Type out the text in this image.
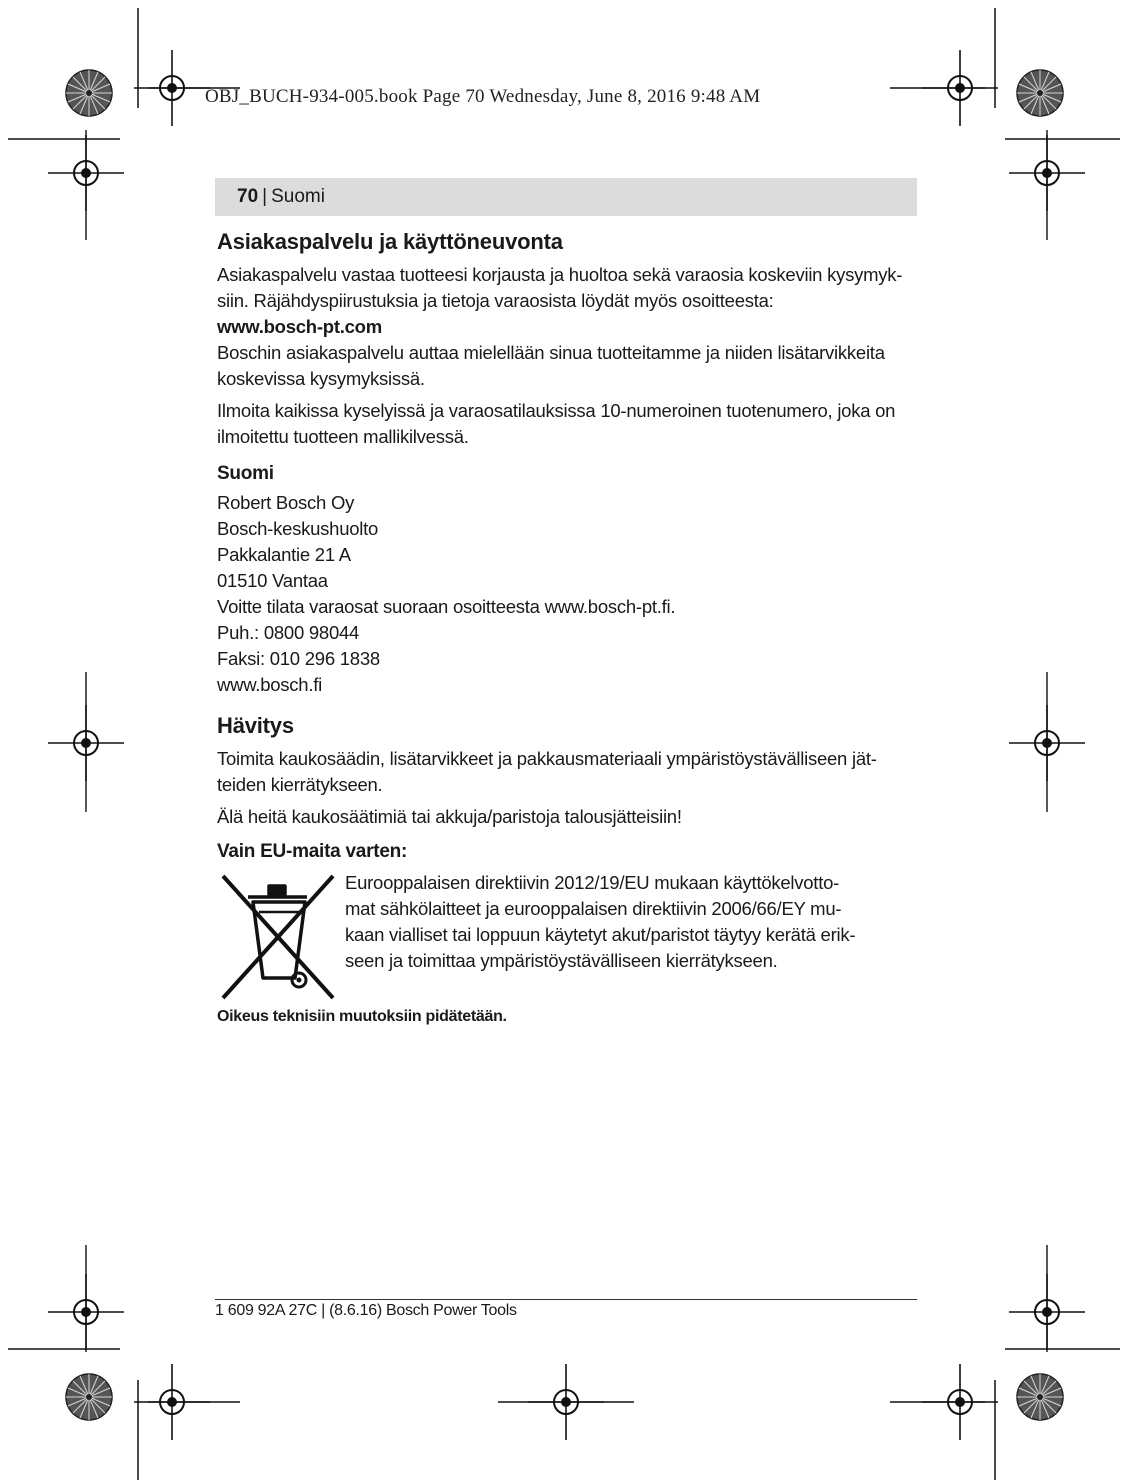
OBJ_BUCH-934-005.book Page 70 Wednesday, June 8, 2016 9:48 AM
70 | Suomi
Asiakaspalvelu ja käyttöneuvonta

Asiakaspalvelu vastaa tuotteesi korjausta ja huoltoa sekä varaosia koskeviin kysymyk-
siin. Räjähdyspiirustuksia ja tietoja varaosista löydät myös osoitteesta:
www.bosch-pt.com

Boschin asiakaspalvelu auttaa mielellään sinua tuotteitamme ja niiden lisätarvikkeita
koskevissa kysymyksissä.

Ilmoita kaikissa kyselyissä ja varaosatilauksissa 10-numeroinen tuotenumero, joka on
ilmoitettu tuotteen mallikilvessä.

Suomi

Robert Bosch Oy
Bosch-keskushuolto
Pakkalantie 21 A
01510 Vantaa
Voitte tilata varaosat suoraan osoitteesta www.bosch-pt.fi.
Puh.: 0800 98044
Faksi: 010 296 1838
www.bosch.fi

Hävitys

Toimita kaukosäädin, lisätarvikkeet ja pakkausmateriaali ympäristöystävälliseen jät-
teiden kierrätykseen.

Älä heitä kaukosäätimiä tai akkuja/paristoja talousjätteisiin!

Vain EU-maita varten:

Eurooppalaisen direktiivin 2012/19/EU mukaan käyttökelvotto-
mat sähkölaitteet ja eurooppalaisen direktiivin 2006/66/EY mu-
kaan vialliset tai loppuun käytetyt akut/paristot täytyy kerätä erik-
seen ja toimittaa ympäristöystävälliseen kierrätykseen.

Oikeus teknisiin muutoksiin pidätetään.

1 609 92A 27C | (8.6.16) Bosch Power Tools
